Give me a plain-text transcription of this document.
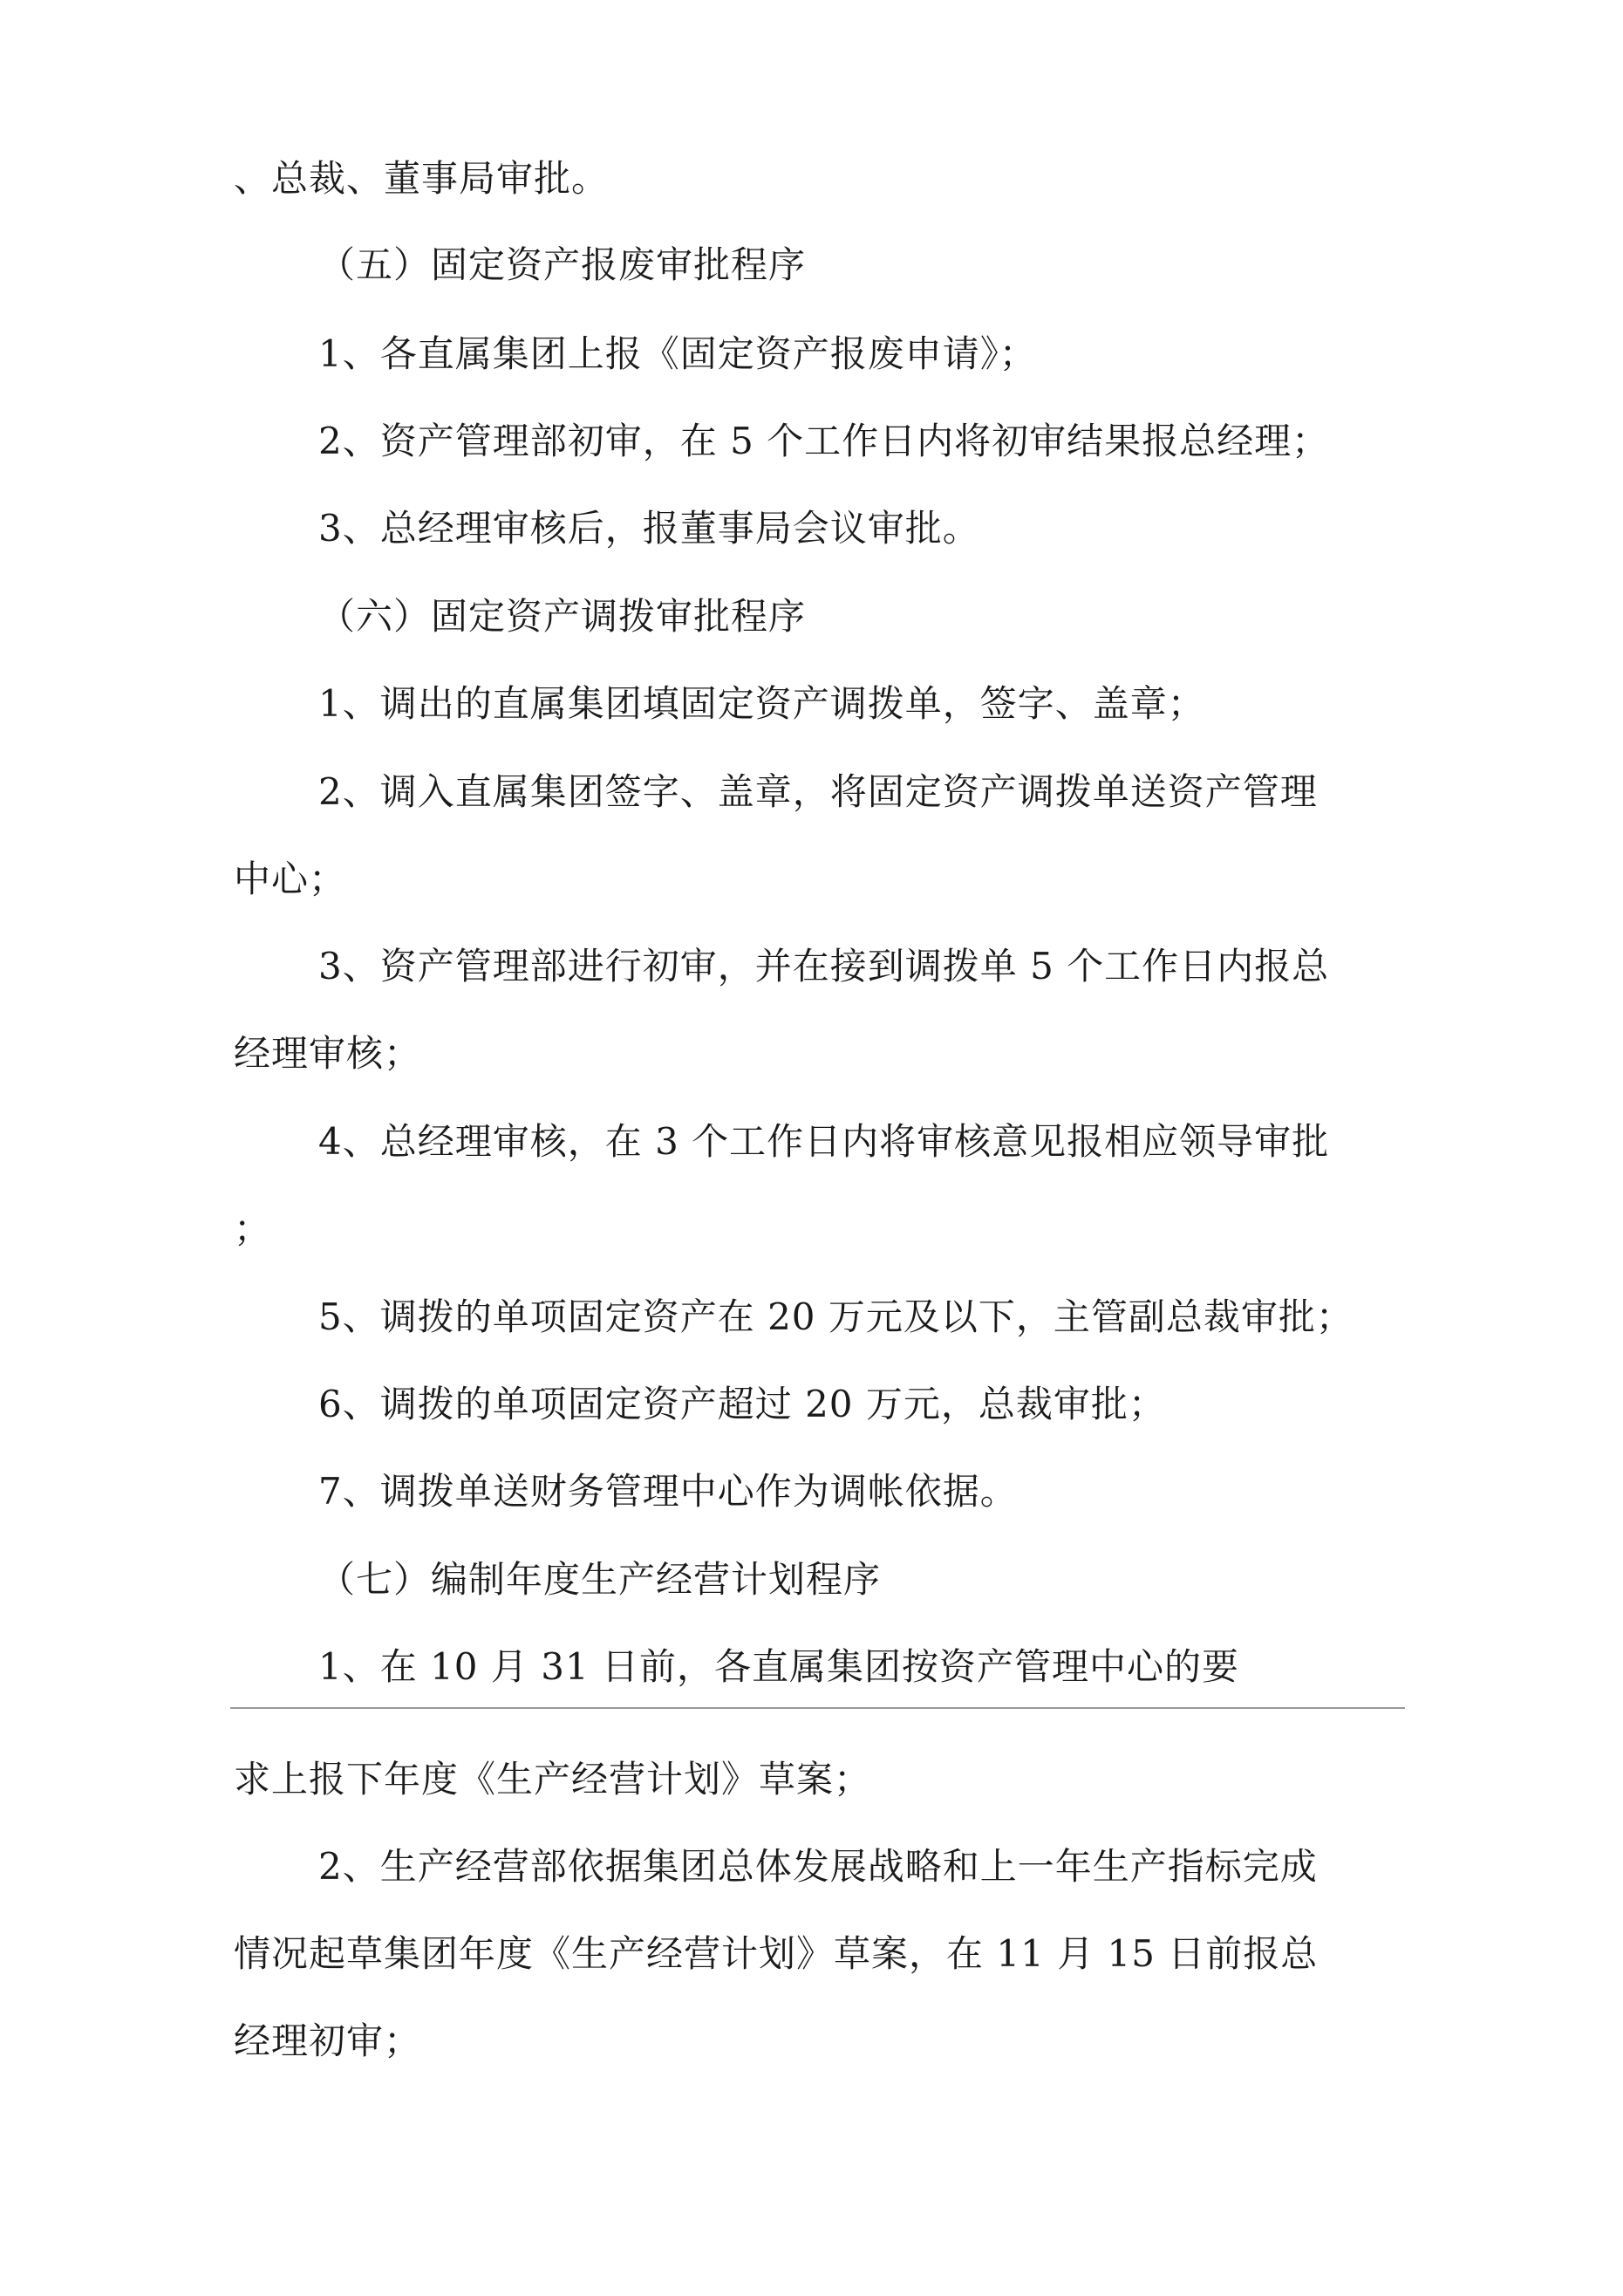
、总裁、董事局审批。
（五）固定资产报废审批程序
1、各直属集团上报《固定资产报废申请》；
2、资产管理部初审，在 5 个工作日内将初审结果报总经理；
3、总经理审核后，报董事局会议审批。
（六）固定资产调拨审批程序
1、调出的直属集团填固定资产调拨单，签字、盖章；
2、调入直属集团签字、盖章，将固定资产调拨单送资产管理
中心；
3、资产管理部进行初审，并在接到调拨单 5 个工作日内报总
经理审核；
4、总经理审核，在 3 个工作日内将审核意见报相应领导审批
；
5、调拨的单项固定资产在 20 万元及以下，主管副总裁审批；
6、调拨的单项固定资产超过 20 万元，总裁审批；
7、调拨单送财务管理中心作为调帐依据。
（七）编制年度生产经营计划程序
1、在 10 月 31 日前，各直属集团按资产管理中心的要
求上报下年度《生产经营计划》草案；
2、生产经营部依据集团总体发展战略和上一年生产指标完成
情况起草集团年度《生产经营计划》草案，在 11 月 15 日前报总
经理初审；
